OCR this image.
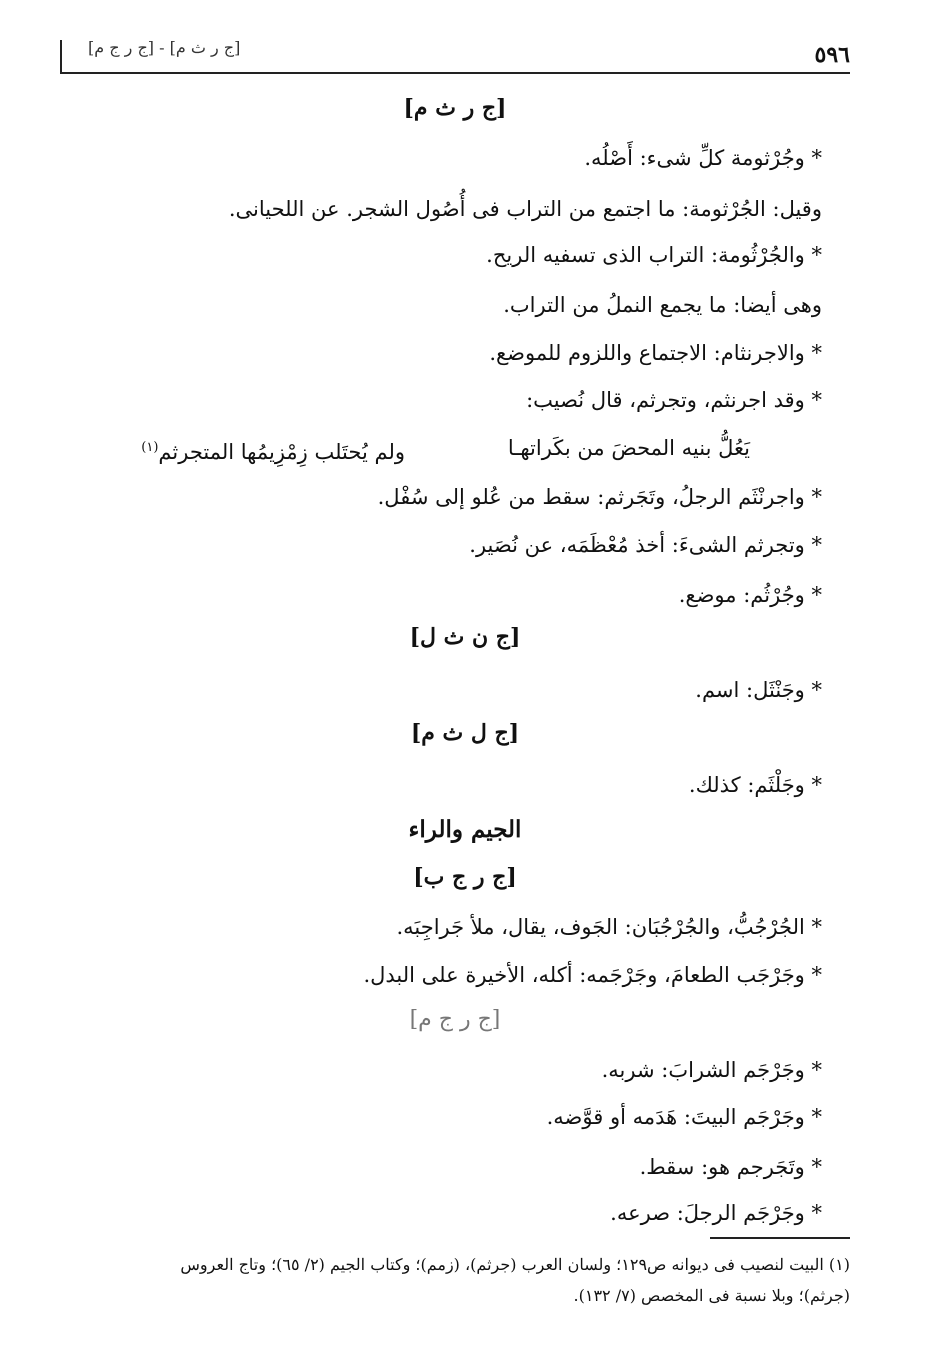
٥٩٦
[ج ر ث م] - [ج ر ج م]
[ج ر ث م]
* وجُرْثومة كلِّ شىء: أَصْلُه.
وقيل: الجُرْثومة: ما اجتمع من التراب فى أُصُول الشجر. عن اللحيانى.
* والجُرْثُومة: التراب الذى تسفيه الريح.
وهى أيضا: ما يجمع النملُ من التراب.
* والاجرنثام: الاجتماع واللزوم للموضع.
* وقد اجرنثم، وتجرثم، قال نُصيب:
يَعُلُّ بنيه المحضَ من بكَراتهـا
ولم يُحتَلب زِمْزِيمُها المتجرثم$^{(١)}$
* واجرنْثَم الرجلُ، وتَجَرثم: سقط من عُلو إلى سُفْل.
* وتجرثم الشىءَ: أخذ مُعْظَمَه، عن نُصَير.
* وجُرْثُم: موضع.
[ج ن ث ل]
* وجَنْثَل: اسم.
[ج ل ث م]
* وجَلْثَم: كذلك.
الجيم والراء
[ج ر ج ب]
* الجُرْجُبُّ، والجُرْجُبَان: الجَوف، يقال، ملأ جَراجِبَه.
* وجَرْجَب الطعامَ، وجَرْجَمه: أكله، الأخيرة على البدل.
[ج ر ج م]
* وجَرْجَم الشرابَ: شربه.
* وجَرْجَم البيتَ: هَدَمه أو قوَّضه.
* وتَجَرجم هو: سقط.
* وجَرْجَم الرجلَ: صرعه.
(١) البيت لنصيب فى ديوانه ص١٢٩؛ ولسان العرب (جرثم)، (زمم)؛ وكتاب الجيم (٢/ ٦٥)؛ وتاج العروس
(جرثم)؛ وبلا نسبة فى المخصص (٧/ ١٣٢).
